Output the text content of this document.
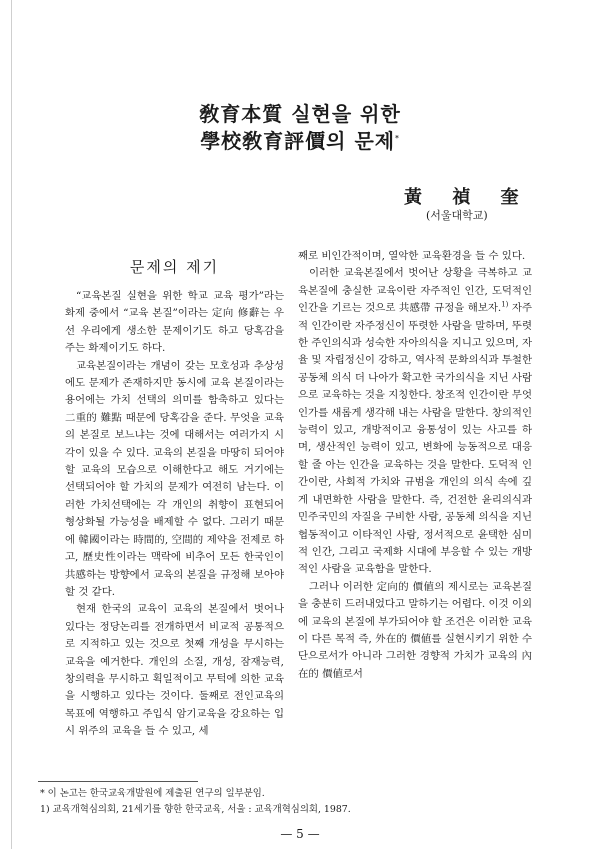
敎育本質 실현을 위한
學校敎育評價의 문제*
黃 禎 奎
(서울대학교)
문제의 제기

“교육본질 실현을 위한 학교 교육 평가”라는 화제 중에서 “교육 본질”이라는 定向 修辭는 우선 우리에게 생소한 문제이기도 하고 당혹감을 주는 화제이기도 하다.

교육본질이라는 개념이 갖는 모호성과 추상성에도 문제가 존재하지만 동시에 교육 본질이라는 용어에는 가치 선택의 의미를 함축하고 있다는 二重的 難點 때문에 당혹감을 준다. 무엇을 교육의 본질로 보느냐는 것에 대해서는 여러가지 시각이 있을 수 있다. 교육의 본질을 마땅히 되어야 할 교육의 모습으로 이해한다고 해도 거기에는 선택되어야 할 가치의 문제가 여전히 남는다. 이러한 가치선택에는 각 개인의 취향이 표현되어 형상화될 가능성을 배제할 수 없다. 그러기 때문에 韓國이라는 時間的, 空間的 제약을 전제로 하고, 歷史性이라는 맥락에 비추어 모든 한국인이 共感하는 방향에서 교육의 본질을 규정해 보아야 할 것 같다.

현재 한국의 교육이 교육의 본질에서 벗어나 있다는 정당논리를 전개하면서 비교적 공통적으로 지적하고 있는 것으로 첫째 개성을 무시하는 교육을 예거한다. 개인의 소질, 개성, 잠재능력, 창의력을 무시하고 획일적이고 무턱에 의한 교육을 시행하고 있다는 것이다. 둘째로 전인교육의 목표에 역행하고 주입식 암기교육을 강요하는 입시 위주의 교육을 들 수 있고, 세

째로 비인간적이며, 열악한 교육환경을 들 수 있다.

이러한 교육본질에서 벗어난 상황을 극복하고 교육본질에 충실한 교육이란 자주적인 인간, 도덕적인 인간을 기르는 것으로 共感帶 규정을 해보자.$^{1)}$ 자주적 인간이란 자주정신이 뚜렷한 사람을 말하며, 뚜렷한 주인의식과 성숙한 자아의식을 지니고 있으며, 자율 및 자립정신이 강하고, 역사적 문화의식과 투철한 공동체 의식 더 나아가 확고한 국가의식을 지닌 사람으로 교육하는 것을 지칭한다. 창조적 인간이란 무엇인가를 새롭게 생각해 내는 사람을 말한다. 창의적인 능력이 있고, 개방적이고 융통성이 있는 사고를 하며, 생산적인 능력이 있고, 변화에 능동적으로 대응할 줄 아는 인간을 교육하는 것을 말한다. 도덕적 인간이란, 사회적 가치와 규범을 개인의 의식 속에 깊게 내면화한 사람을 말한다. 즉, 건전한 윤리의식과 민주국민의 자질을 구비한 사람, 공동체 의식을 지닌 협동적이고 이타적인 사람, 정서적으로 윤택한 심미적 인간, 그리고 국제화 시대에 부응할 수 있는 개방적인 사람을 교육함을 말한다.

그러나 이러한 定向的 價値의 제시로는 교육본질을 충분히 드러내었다고 말하기는 어렵다. 이것 이외에 교육의 본질에 부가되어야 할 조건은 이러한 교육이 다른 목적 즉, 外在的 價値를 실현시키기 위한 수단으로서가 아니라 그러한 경향적 가치가 교육의 內在的 價値로서

* 이 논고는 한국교육개발원에 제출된 연구의 일부분임.

1) 교육개혁심의회, 21세기를 향한 한국교육, 서울 : 교육개혁심의회, 1987.

— 5 —
